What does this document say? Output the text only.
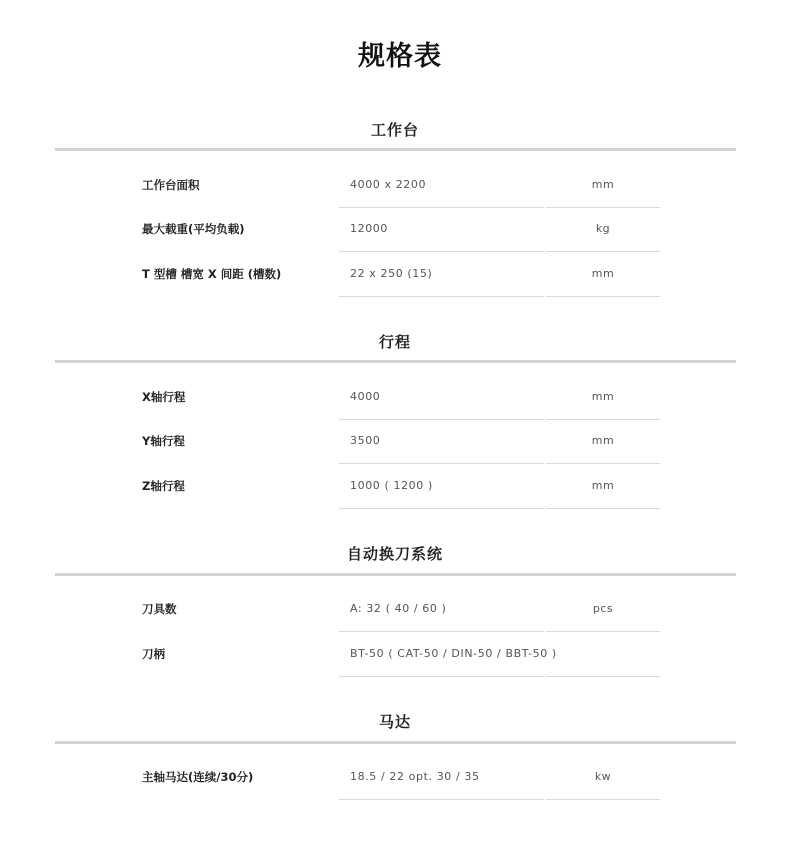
规格表
工作台
工作台面积	4000 x 2200	mm
最大载重(平均负载)	12000	kg
T 型槽 槽宽 X 间距 (槽数)	22 x 250 (15)	mm
行程
X轴行程	4000	mm
Y轴行程	3500	mm
Z轴行程	1000 ( 1200 )	mm
自动换刀系统
刀具数	A: 32 ( 40 / 60 )	pcs
刀柄	BT-50 ( CAT-50 / DIN-50 / BBT-50 )
马达
主轴马达(连续/30分)	18.5 / 22 opt. 30 / 35	kw
